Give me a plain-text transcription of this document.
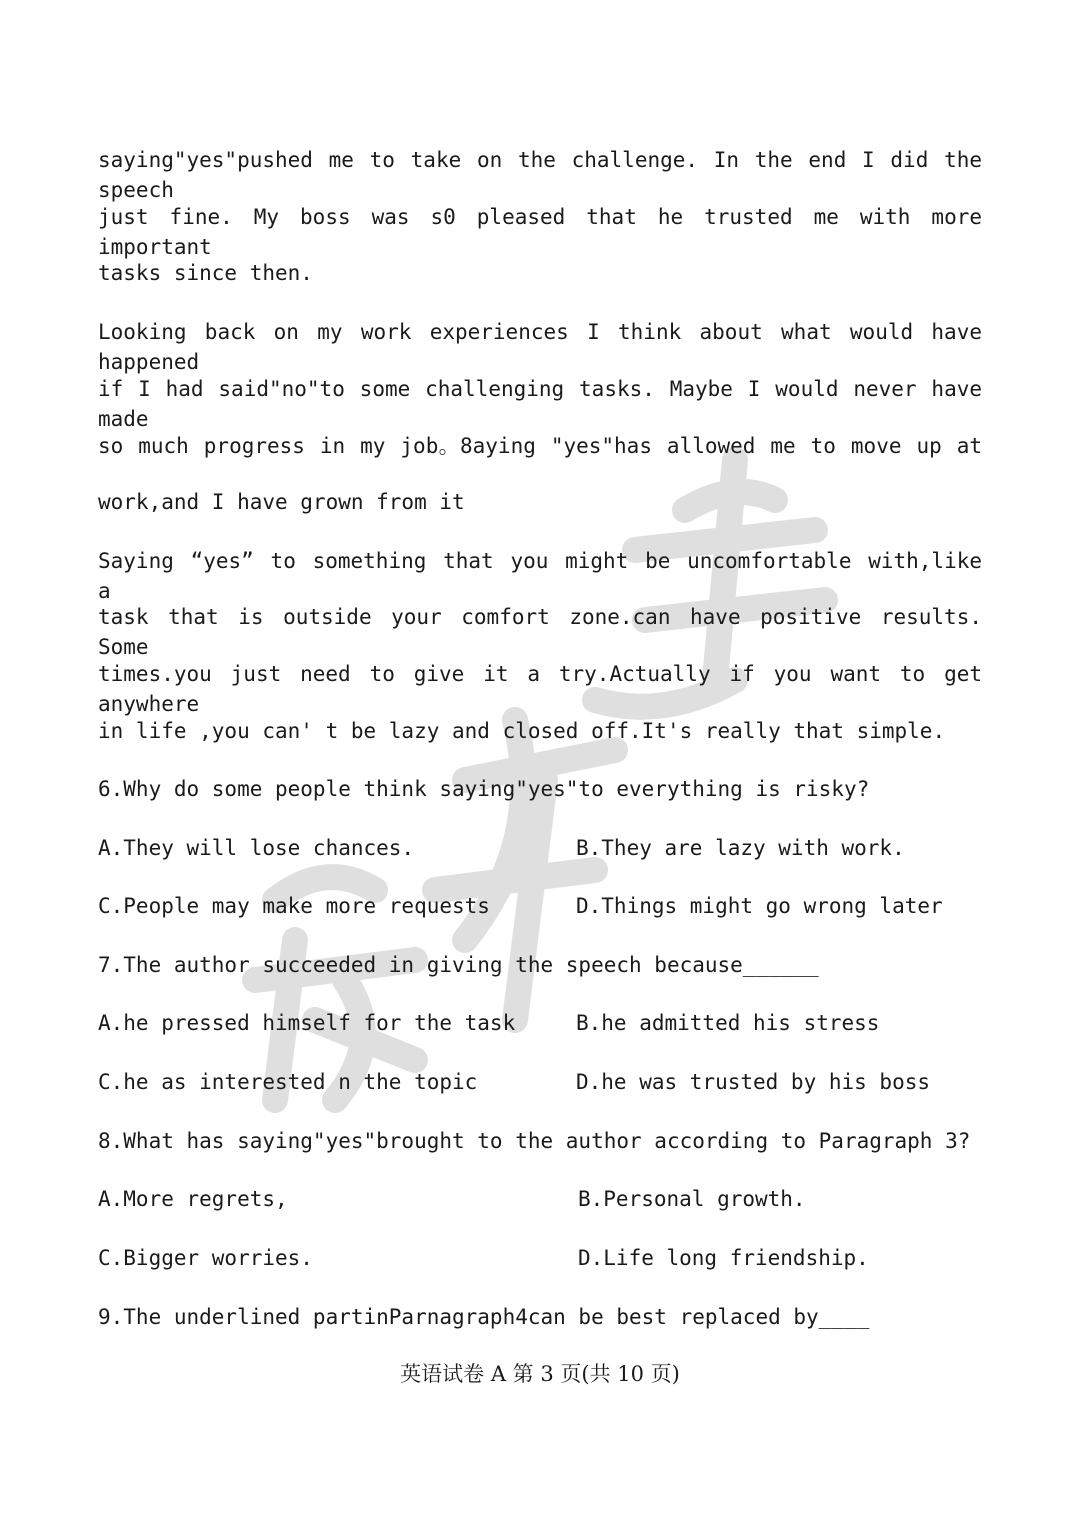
saying"yes"pushed me to take on the challenge. In the end I did the speech
just fine. My boss was s0 pleased that he trusted me with more important
tasks since then.
Looking back on my work experiences I think about what would have happened
if I had said"no"to some challenging tasks. Maybe I would never have made
so much progress in my job。8aying "yes"has allowed me to move up at
work,and I have grown from it
Saying “yes” to something that you might be uncomfortable with,like a
task that is outside your comfort zone.can have positive results. Some
times.you just need to give it a try.Actually if you want to get anywhere
in life ,you can' t be lazy and closed off.It's really that simple.
6.Why do some people think saying"yes"to everything is risky?
A.They will lose chances.	B.They are lazy with work.
C.People may make more requests	D.Things might go wrong later
7.The author succeeded in giving the speech because______
A.he pressed himself for the task	B.he admitted his stress
C.he as interested n the topic	D.he was trusted by his boss
8.What has saying"yes"brought to the author according to Paragraph 3?
A.More regrets,	B.Personal growth.
C.Bigger worries.	D.Life long friendship.
9.The underlined partinParnagraph4can be best replaced by____
英语试卷 A 第 3 页(共 10 页)
